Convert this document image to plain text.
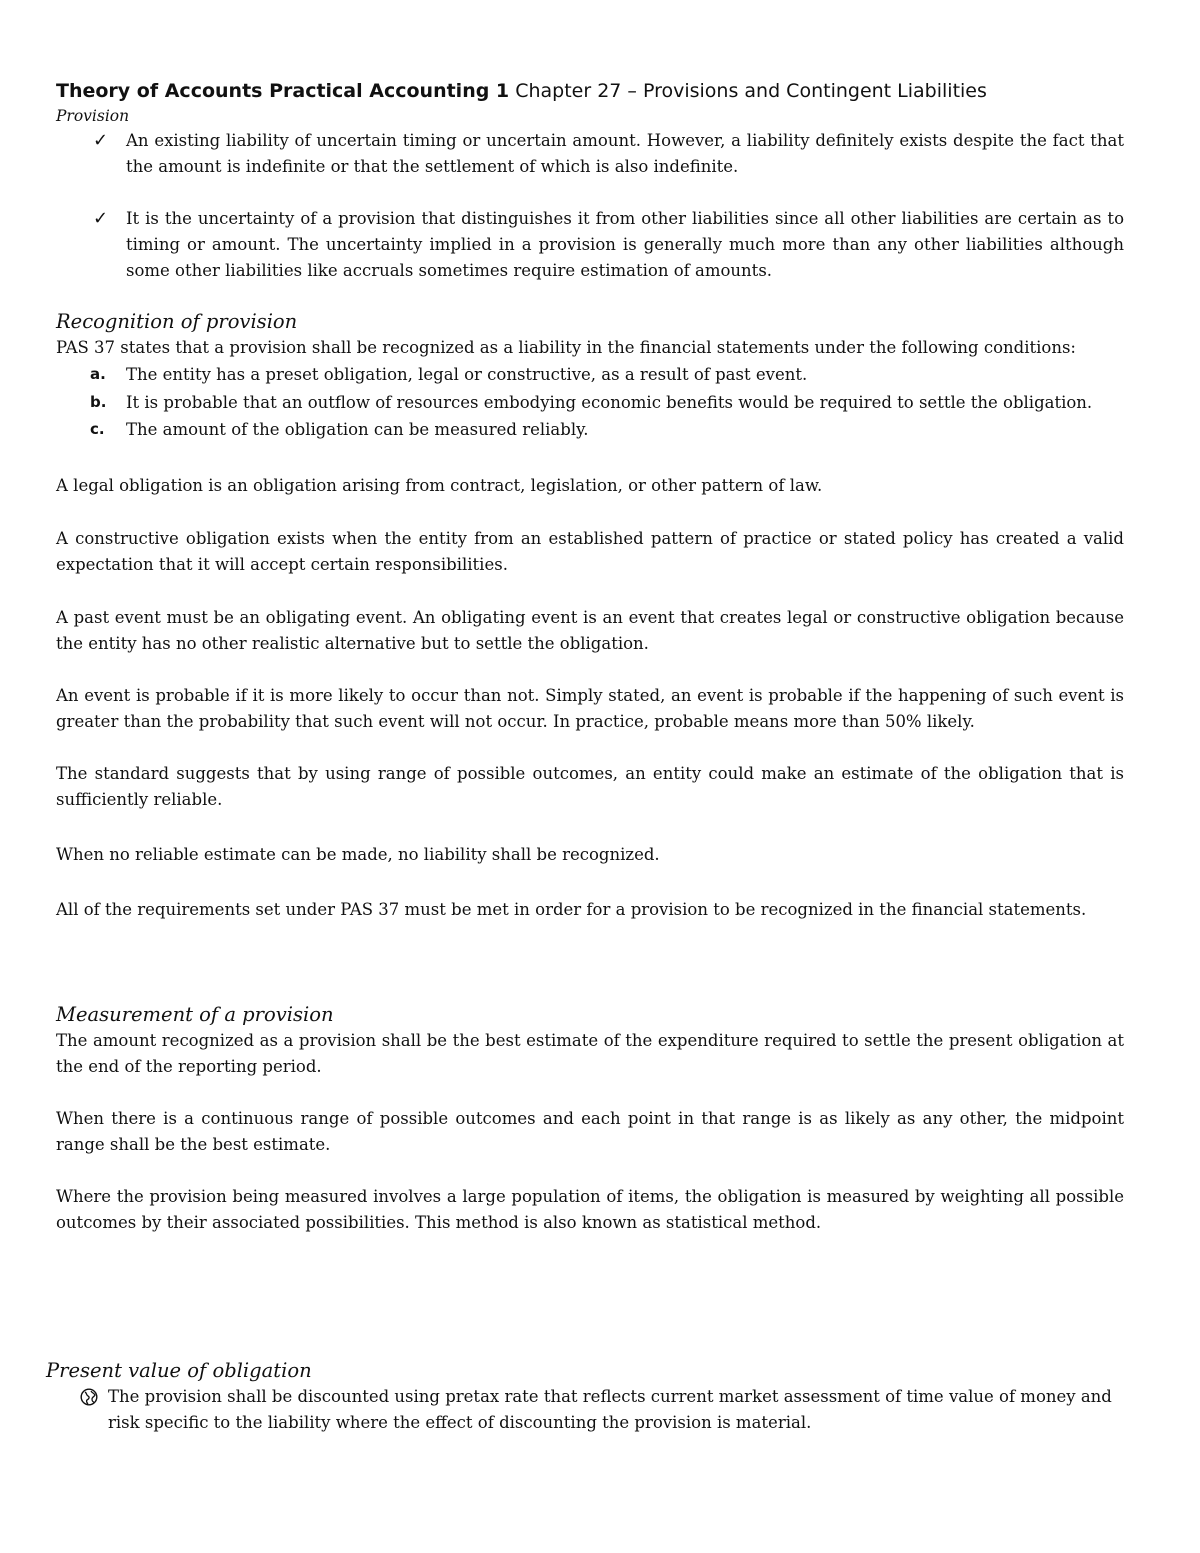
Theory of Accounts Practical Accounting 1 Chapter 27 – Provisions and Contingent Liabilities
Provision
✓ An existing liability of uncertain timing or uncertain amount. However, a liability definitely exists despite the fact that the amount is indefinite or that the settlement of which is also indefinite.
✓ It is the uncertainty of a provision that distinguishes it from other liabilities since all other liabilities are certain as to timing or amount. The uncertainty implied in a provision is generally much more than any other liabilities although some other liabilities like accruals sometimes require estimation of amounts.
Recognition of provision

PAS 37 states that a provision shall be recognized as a liability in the financial statements under the following conditions:

a. The entity has a preset obligation, legal or constructive, as a result of past event.
b. It is probable that an outflow of resources embodying economic benefits would be required to settle the obligation.
c. The amount of the obligation can be measured reliably.

A legal obligation is an obligation arising from contract, legislation, or other pattern of law.

A constructive obligation exists when the entity from an established pattern of practice or stated policy has created a valid expectation that it will accept certain responsibilities.

A past event must be an obligating event. An obligating event is an event that creates legal or constructive obligation because the entity has no other realistic alternative but to settle the obligation.

An event is probable if it is more likely to occur than not. Simply stated, an event is probable if the happening of such event is greater than the probability that such event will not occur. In practice, probable means more than 50% likely.

The standard suggests that by using range of possible outcomes, an entity could make an estimate of the obligation that is sufficiently reliable.

When no reliable estimate can be made, no liability shall be recognized.

All of the requirements set under PAS 37 must be met in order for a provision to be recognized in the financial statements.

Measurement of a provision

The amount recognized as a provision shall be the best estimate of the expenditure required to settle the present obligation at the end of the reporting period.

When there is a continuous range of possible outcomes and each point in that range is as likely as any other, the midpoint range shall be the best estimate.

Where the provision being measured involves a large population of items, the obligation is measured by weighting all possible outcomes by their associated possibilities. This method is also known as statistical method.

Present value of obligation
The provision shall be discounted using pretax rate that reflects current market assessment of time value of money and risk specific to the liability where the effect of discounting the provision is material.
